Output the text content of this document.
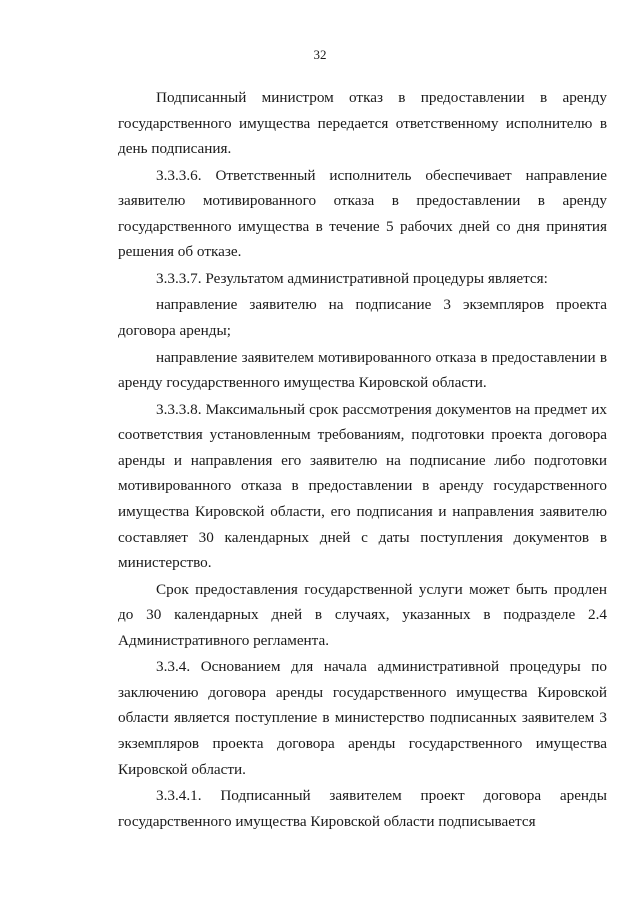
32

Подписанный министром отказ в предоставлении в аренду государственного имущества передается ответственному исполнителю в день подписания.

3.3.3.6. Ответственный исполнитель обеспечивает направление заявителю мотивированного отказа в предоставлении в аренду государственного имущества в течение 5 рабочих дней со дня принятия решения об отказе.

3.3.3.7. Результатом административной процедуры является:

направление заявителю на подписание 3 экземпляров проекта договора аренды;

направление заявителем мотивированного отказа в предоставлении в аренду государственного имущества Кировской области.

3.3.3.8. Максимальный срок рассмотрения документов на предмет их соответствия установленным требованиям, подготовки проекта договора аренды и направления его заявителю на подписание либо подготовки мотивированного отказа в предоставлении в аренду государственного имущества Кировской области, его подписания и направления заявителю составляет 30 календарных дней с даты поступления документов в министерство.

Срок предоставления государственной услуги может быть продлен до 30 календарных дней в случаях, указанных в подразделе 2.4 Административного регламента.

3.3.4. Основанием для начала административной процедуры по заключению договора аренды государственного имущества Кировской области является поступление в министерство подписанных заявителем 3 экземпляров проекта договора аренды государственного имущества Кировской области.

3.3.4.1. Подписанный заявителем проект договора аренды государственного имущества Кировской области подписывается
